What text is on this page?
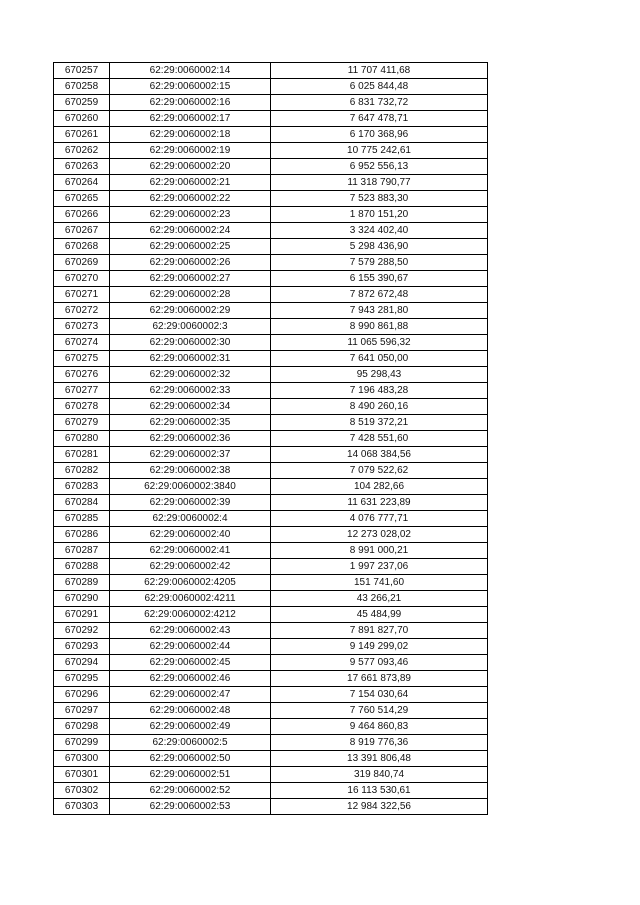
670257	62:29:0060002:14	11 707 411,68
670258	62:29:0060002:15	6 025 844,48
670259	62:29:0060002:16	6 831 732,72
670260	62:29:0060002:17	7 647 478,71
670261	62:29:0060002:18	6 170 368,96
670262	62:29:0060002:19	10 775 242,61
670263	62:29:0060002:20	6 952 556,13
670264	62:29:0060002:21	11 318 790,77
670265	62:29:0060002:22	7 523 883,30
670266	62:29:0060002:23	1 870 151,20
670267	62:29:0060002:24	3 324 402,40
670268	62:29:0060002:25	5 298 436,90
670269	62:29:0060002:26	7 579 288,50
670270	62:29:0060002:27	6 155 390,67
670271	62:29:0060002:28	7 872 672,48
670272	62:29:0060002:29	7 943 281,80
670273	62:29:0060002:3	8 990 861,88
670274	62:29:0060002:30	11 065 596,32
670275	62:29:0060002:31	7 641 050,00
670276	62:29:0060002:32	95 298,43
670277	62:29:0060002:33	7 196 483,28
670278	62:29:0060002:34	8 490 260,16
670279	62:29:0060002:35	8 519 372,21
670280	62:29:0060002:36	7 428 551,60
670281	62:29:0060002:37	14 068 384,56
670282	62:29:0060002:38	7 079 522,62
670283	62:29:0060002:3840	104 282,66
670284	62:29:0060002:39	11 631 223,89
670285	62:29:0060002:4	4 076 777,71
670286	62:29:0060002:40	12 273 028,02
670287	62:29:0060002:41	8 991 000,21
670288	62:29:0060002:42	1 997 237,06
670289	62:29:0060002:4205	151 741,60
670290	62:29:0060002:4211	43 266,21
670291	62:29:0060002:4212	45 484,99
670292	62:29:0060002:43	7 891 827,70
670293	62:29:0060002:44	9 149 299,02
670294	62:29:0060002:45	9 577 093,46
670295	62:29:0060002:46	17 661 873,89
670296	62:29:0060002:47	7 154 030,64
670297	62:29:0060002:48	7 760 514,29
670298	62:29:0060002:49	9 464 860,83
670299	62:29:0060002:5	8 919 776,36
670300	62:29:0060002:50	13 391 806,48
670301	62:29:0060002:51	319 840,74
670302	62:29:0060002:52	16 113 530,61
670303	62:29:0060002:53	12 984 322,56
